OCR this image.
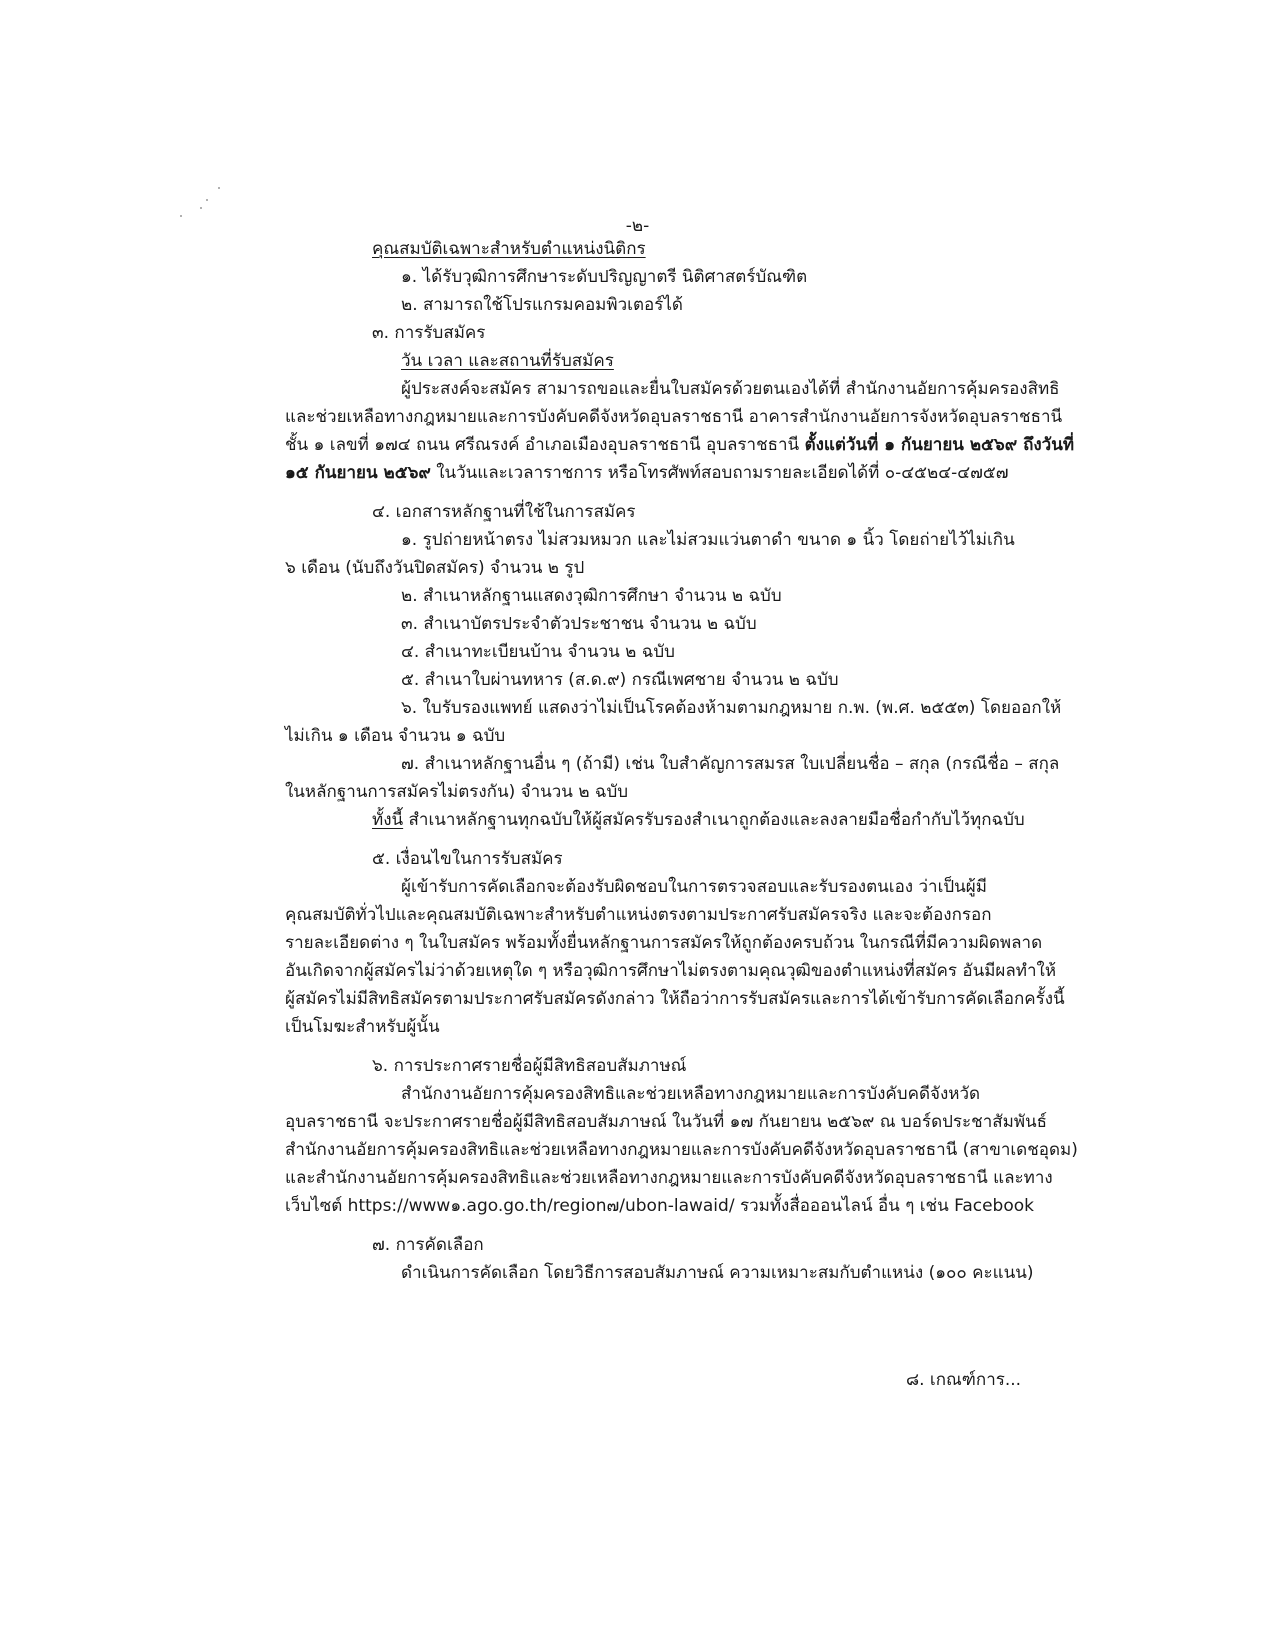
-๒-
คุณสมบัติเฉพาะสำหรับตำแหน่งนิติกร
๑. ได้รับวุฒิการศึกษาระดับปริญญาตรี นิติศาสตร์บัณฑิต
๒. สามารถใช้โปรแกรมคอมพิวเตอร์ได้
๓. การรับสมัคร
วัน เวลา และสถานที่รับสมัคร
ผู้ประสงค์จะสมัคร สามารถขอและยื่นใบสมัครด้วยตนเองได้ที่ สำนักงานอัยการคุ้มครองสิทธิ
และช่วยเหลือทางกฎหมายและการบังคับคดีจังหวัดอุบลราชธานี อาคารสำนักงานอัยการจังหวัดอุบลราชธานี
ชั้น ๑ เลขที่ ๑๗๔ ถนน ศรีณรงค์ อำเภอเมืองอุบลราชธานี อุบลราชธานี ตั้งแต่วันที่ ๑ กันยายน ๒๕๖๙ ถึงวันที่
๑๕ กันยายน ๒๕๖๙ ในวันและเวลาราชการ หรือโทรศัพท์สอบถามรายละเอียดได้ที่ ๐-๔๕๒๔-๔๗๕๗
๔. เอกสารหลักฐานที่ใช้ในการสมัคร
๑. รูปถ่ายหน้าตรง ไม่สวมหมวก และไม่สวมแว่นตาดำ ขนาด ๑ นิ้ว โดยถ่ายไว้ไม่เกิน
๖ เดือน (นับถึงวันปิดสมัคร) จำนวน ๒ รูป
๒. สำเนาหลักฐานแสดงวุฒิการศึกษา จำนวน ๒ ฉบับ
๓. สำเนาบัตรประจำตัวประชาชน จำนวน ๒ ฉบับ
๔. สำเนาทะเบียนบ้าน จำนวน ๒ ฉบับ
๕. สำเนาใบผ่านทหาร (ส.ด.๙) กรณีเพศชาย จำนวน ๒ ฉบับ
๖. ใบรับรองแพทย์ แสดงว่าไม่เป็นโรคต้องห้ามตามกฎหมาย ก.พ. (พ.ศ. ๒๕๕๓) โดยออกให้
ไม่เกิน ๑ เดือน จำนวน ๑ ฉบับ
๗. สำเนาหลักฐานอื่น ๆ (ถ้ามี) เช่น ใบสำคัญการสมรส ใบเปลี่ยนชื่อ – สกุล (กรณีชื่อ – สกุล
ในหลักฐานการสมัครไม่ตรงกัน) จำนวน ๒ ฉบับ
ทั้งนี้ สำเนาหลักฐานทุกฉบับให้ผู้สมัครรับรองสำเนาถูกต้องและลงลายมือชื่อกำกับไว้ทุกฉบับ
๕. เงื่อนไขในการรับสมัคร
ผู้เข้ารับการคัดเลือกจะต้องรับผิดชอบในการตรวจสอบและรับรองตนเอง ว่าเป็นผู้มี
คุณสมบัติทั่วไปและคุณสมบัติเฉพาะสำหรับตำแหน่งตรงตามประกาศรับสมัครจริง และจะต้องกรอก
รายละเอียดต่าง ๆ ในใบสมัคร พร้อมทั้งยื่นหลักฐานการสมัครให้ถูกต้องครบถ้วน ในกรณีที่มีความผิดพลาด
อันเกิดจากผู้สมัครไม่ว่าด้วยเหตุใด ๆ หรือวุฒิการศึกษาไม่ตรงตามคุณวุฒิของตำแหน่งที่สมัคร อันมีผลทำให้
ผู้สมัครไม่มีสิทธิสมัครตามประกาศรับสมัครดังกล่าว ให้ถือว่าการรับสมัครและการได้เข้ารับการคัดเลือกครั้งนี้
เป็นโมฆะสำหรับผู้นั้น
๖. การประกาศรายชื่อผู้มีสิทธิสอบสัมภาษณ์
สำนักงานอัยการคุ้มครองสิทธิและช่วยเหลือทางกฎหมายและการบังคับคดีจังหวัด
อุบลราชธานี จะประกาศรายชื่อผู้มีสิทธิสอบสัมภาษณ์ ในวันที่ ๑๗ กันยายน ๒๕๖๙ ณ บอร์ดประชาสัมพันธ์
สำนักงานอัยการคุ้มครองสิทธิและช่วยเหลือทางกฎหมายและการบังคับคดีจังหวัดอุบลราชธานี (สาขาเดชอุดม)
และสำนักงานอัยการคุ้มครองสิทธิและช่วยเหลือทางกฎหมายและการบังคับคดีจังหวัดอุบลราชธานี และทาง
เว็บไซต์ https://www๑.ago.go.th/region๗/ubon-lawaid/ รวมทั้งสื่อออนไลน์ อื่น ๆ เช่น Facebook
๗. การคัดเลือก
ดำเนินการคัดเลือก โดยวิธีการสอบสัมภาษณ์ ความเหมาะสมกับตำแหน่ง (๑๐๐ คะแนน)
๘. เกณฑ์การ...
